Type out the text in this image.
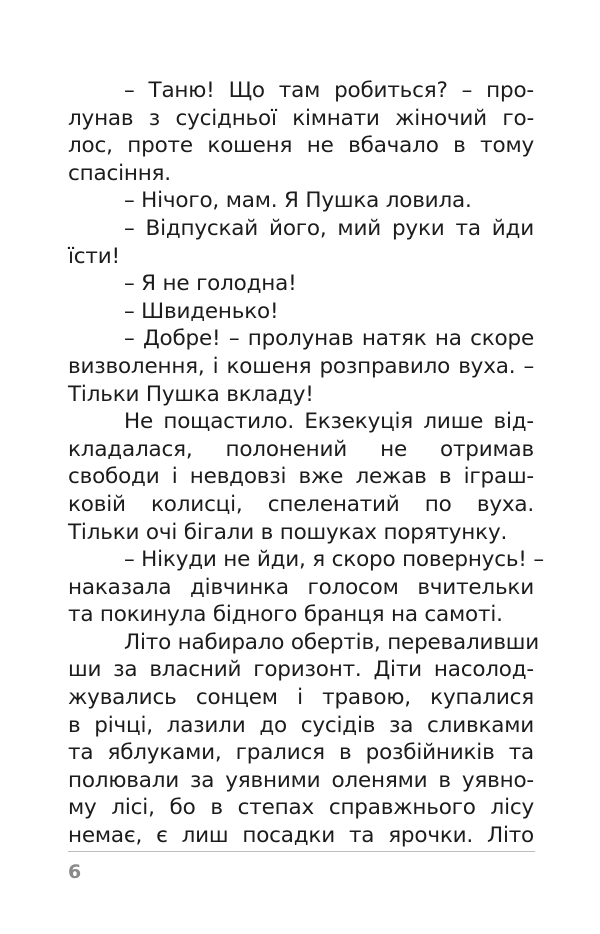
– Таню! Що там робиться? – про-
лунав з сусідньої кімнати жіночий го-
лос, проте кошеня не вбачало в тому
спасіння.
– Нічого, мам. Я Пушка ловила.
– Відпускай його, мий руки та йди
їсти!
– Я не голодна!
– Швиденько!
– Добре! – пролунав натяк на скоре
визволення, і кошеня розправило вуха. –
Тільки Пушка вкладу!
Не пощастило. Екзекуція лише від-
кладалася, полонений не отримав
свободи і невдовзі вже лежав в іграш-
ковій колисці, спеленатий по вуха.
Тільки очі бігали в пошуках порятунку.
– Нікуди не йди, я скоро повернусь! –
наказала дівчинка голосом вчительки
та покинула бідного бранця на самоті.
Літо набирало обертів, переваливши
ши за власний горизонт. Діти насолод-
жувались сонцем і травою, купалися
в річці, лазили до сусідів за сливками
та яблуками, гралися в розбійників та
полювали за уявними оленями в уявно-
му лісі, бо в степах справжнього лісу
немає, є лиш посадки та ярочки. Літо
6
